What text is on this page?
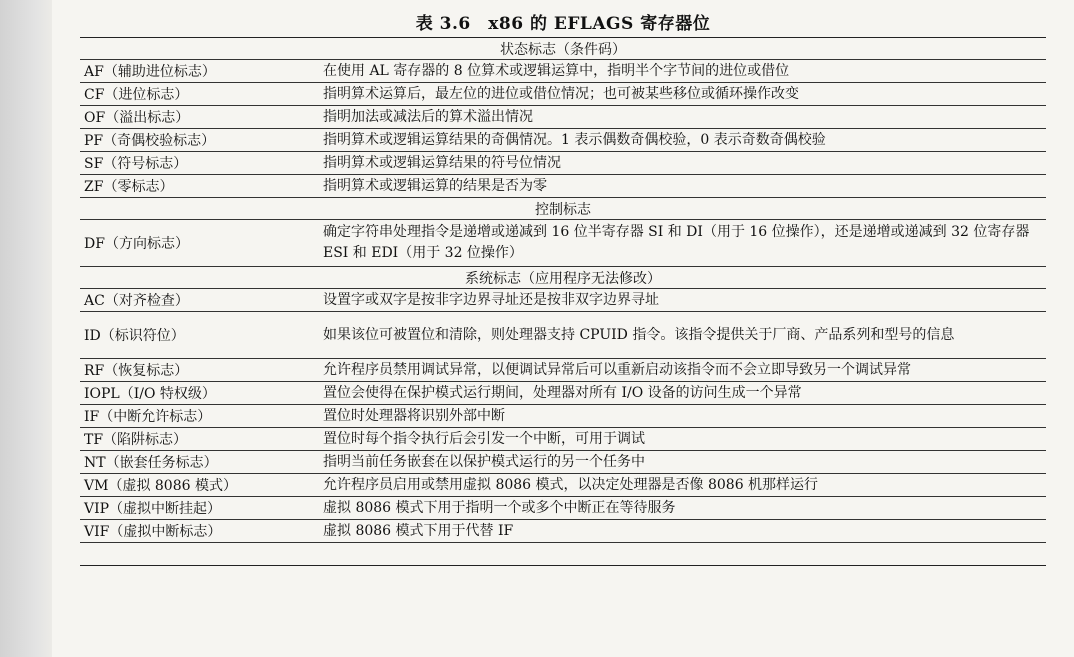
表 3.6　x86 的 EFLAGS 寄存器位
状态标志（条件码）	
AF（辅助进位标志）	在使用 AL 寄存器的 8 位算术或逻辑运算中，指明半个字节间的进位或借位
CF（进位标志）	指明算术运算后，最左位的进位或借位情况；也可被某些移位或循环操作改变
OF（溢出标志）	指明加法或减法后的算术溢出情况
PF（奇偶校验标志）	指明算术或逻辑运算结果的奇偶情况。1 表示偶数奇偶校验，0 表示奇数奇偶校验
SF（符号标志）	指明算术或逻辑运算结果的符号位情况
ZF（零标志）	指明算术或逻辑运算的结果是否为零
控制标志	
DF（方向标志）	确定字符串处理指令是递增或递减到 16 位半寄存器 SI 和 DI（用于 16 位操作），还是递增或递减到 32 位寄存器 ESI 和 EDI（用于 32 位操作）
系统标志（应用程序无法修改）	
AC（对齐检查）	设置字或双字是按非字边界寻址还是按非双字边界寻址
ID（标识符位）	如果该位可被置位和清除，则处理器支持 CPUID 指令。该指令提供关于厂商、产品系列和型号的信息
RF（恢复标志）	允许程序员禁用调试异常，以便调试异常后可以重新启动该指令而不会立即导致另一个调试异常
IOPL（I/O 特权级）	置位会使得在保护模式运行期间，处理器对所有 I/O 设备的访问生成一个异常
IF（中断允许标志）	置位时处理器将识别外部中断
TF（陷阱标志）	置位时每个指令执行后会引发一个中断，可用于调试
NT（嵌套任务标志）	指明当前任务嵌套在以保护模式运行的另一个任务中
VM（虚拟 8086 模式）	允许程序员启用或禁用虚拟 8086 模式，以决定处理器是否像 8086 机那样运行
VIP（虚拟中断挂起）	虚拟 8086 模式下用于指明一个或多个中断正在等待服务
VIF（虚拟中断标志）	虚拟 8086 模式下用于代替 IF
